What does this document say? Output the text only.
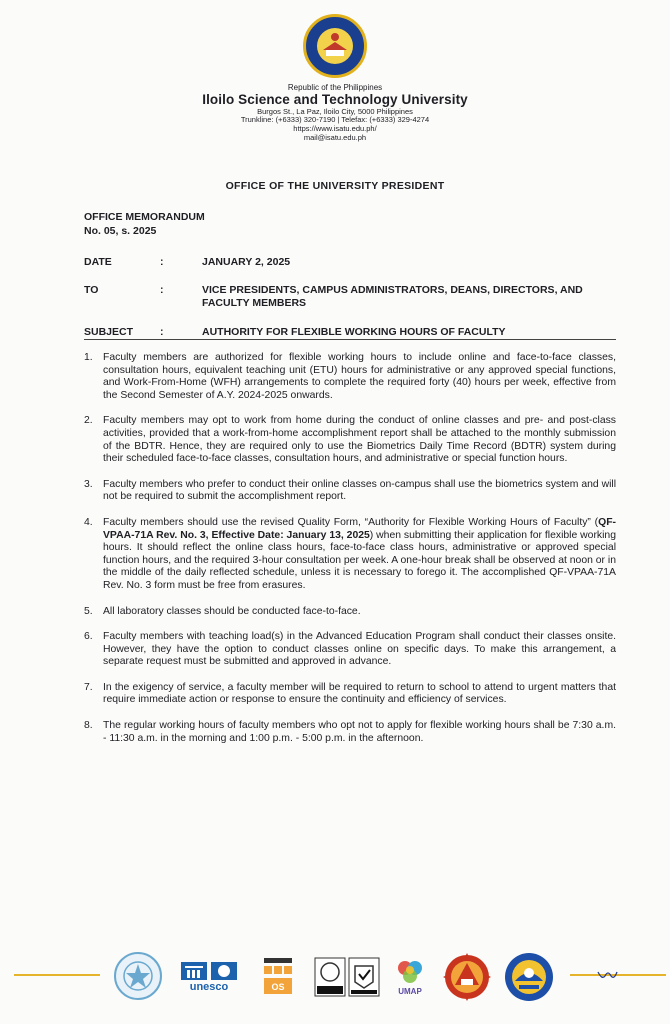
Republic of the Philippines
Iloilo Science and Technology University
Burgos St., La Paz, Iloilo City, 5000 Philippines
Trunkline: (+6333) 320-7190 | Telefax: (+6333) 329-4274
https://www.isatu.edu.ph/
mail@isatu.edu.ph
OFFICE OF THE UNIVERSITY PRESIDENT
OFFICE MEMORANDUM
No. 05, s. 2025
DATE	:	JANUARY 2, 2025
TO	:	VICE PRESIDENTS, CAMPUS ADMINISTRATORS, DEANS, DIRECTORS, AND FACULTY MEMBERS
SUBJECT	:	AUTHORITY FOR FLEXIBLE WORKING HOURS OF FACULTY
1. Faculty members are authorized for flexible working hours to include online and face-to-face classes, consultation hours, equivalent teaching unit (ETU) hours for administrative or any approved special functions, and Work-From-Home (WFH) arrangements to complete the required forty (40) hours per week, effective from the Second Semester of A.Y. 2024-2025 onwards.
2. Faculty members may opt to work from home during the conduct of online classes and pre- and post-class activities, provided that a work-from-home accomplishment report shall be attached to the monthly submission of the BDTR. Hence, they are required only to use the Biometrics Daily Time Record (BDTR) system during their scheduled face-to-face classes, consultation hours, and administrative or special function hours.
3. Faculty members who prefer to conduct their online classes on-campus shall use the biometrics system and will not be required to submit the accomplishment report.
4. Faculty members should use the revised Quality Form, “Authority for Flexible Working Hours of Faculty” (QF-VPAA-71A Rev. No. 3, Effective Date: January 13, 2025) when submitting their application for flexible working hours. It should reflect the online class hours, face-to-face class hours, administrative or approved special function hours, and the required 3-hour consultation per week. A one-hour break shall be observed at noon or in the middle of the daily reflected schedule, unless it is necessary to forego it. The accomplished QF-VPAA-71A Rev. No. 3 form must be free from erasures.
5. All laboratory classes should be conducted face-to-face.
6. Faculty members with teaching load(s) in the Advanced Education Program shall conduct their classes onsite. However, they have the option to conduct classes online on specific days. To make this arrangement, a separate request must be submitted and approved in advance.
7. In the exigency of service, a faculty member will be required to return to school to attend to urgent matters that require immediate action or response to ensure the continuity and efficiency of services.
8. The regular working hours of faculty members who opt not to apply for flexible working hours shall be 7:30 a.m. - 11:30 a.m. in the morning and 1:00 p.m. - 5:00 p.m. in the afternoon.
unesco	OS	UMAP
